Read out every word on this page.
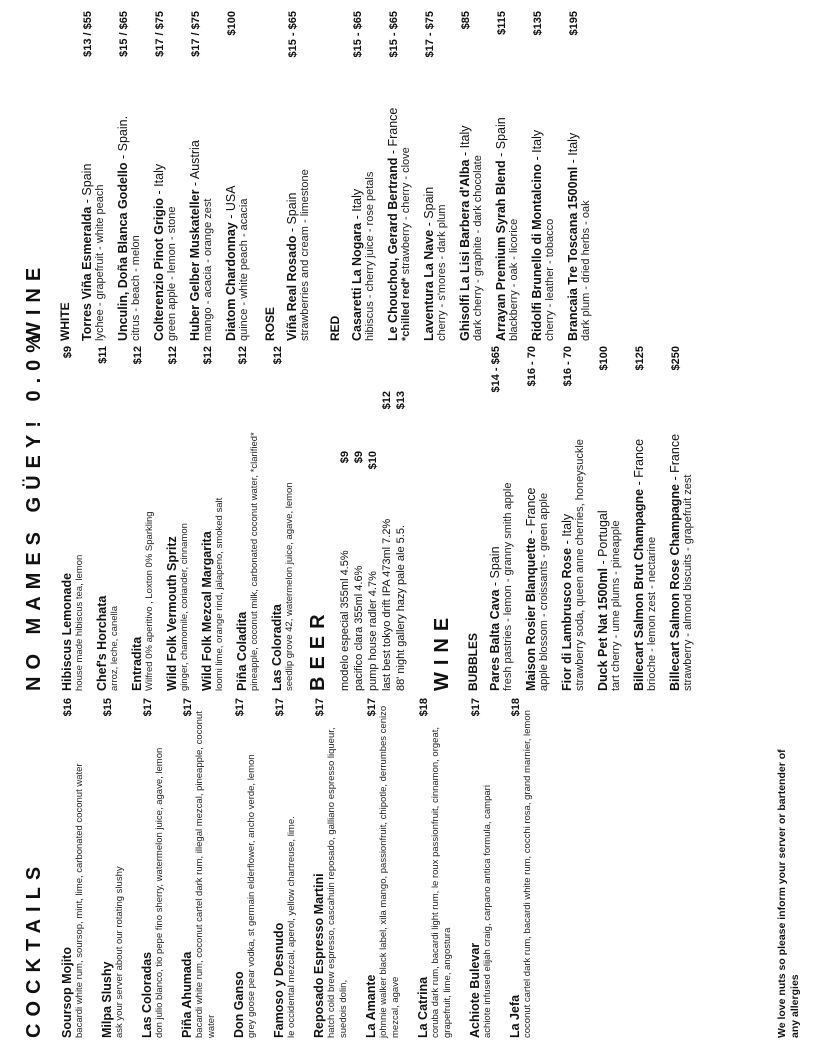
COCKTAILS Soursop Mojito
$16
bacardi white rum, soursop, mint, lime, carbonated coconut water Milpa Slushy
$15
ask your server about our rotating slushy Las Coloradas
$17
don julio blanco, tio pepe fino sherry, watermelon juice, agave, lemon Piña Ahumada
$17
bacardi white rum, coconut cartel dark rum, illegal mezcal, pineapple, coconut water Don Ganso
$17
grey goose pear vodka, st germain elderflower, ancho verde, lemon Famoso y Desnudo
$17
le occidental mezcal, aperol, yellow chartreuse, lime. Reposado Espresso Martini
$17
hatch cold brew espresso, cascahuin reposado, galliano espresso liqueur, suedois dolin, La Amante
$17 johnnie walker black label, xila mango, passionfruit, chipotle, derrumbes cenizo mezcal, agave La Catrina
$18
coruba dark rum, bacardi light rum, le roux passionfruit, cinnamon, orgeat, grapefruit, lime, angostura Achiote Bulevar
$17
achiote infused elijah craig, carpano antica formula, campari La Jefa
$18
coconut cartel dark rum, bacardi white rum, cocchi rosa, grand marnier, lemon	We love nuts so please inform your server or bartender of any allergies
NO MAMES GÜEY! 0.0% Hibiscus Lemonade
$9
house made hibiscus tea, lemon Chef's Horchata
$11
arroz, leche, canella Entradita
$12
Wilfred 0% aperitivo , Loxton 0% Sparkling Wild Folk Vermouth Spritz
$12
ginger, chamomile, coriander, cinnamon Wild Folk Mezcal Margarita
$12
loomi lime, orange rind, jalapeno, smoked salt Piña Coladita
$12
pineapple, coconut milk, carbonated coconut water, *clarified* Las Coloradita
$12
seedlip grove 42, watermelon juice, agave, lemon BEER modelo especial 355ml 4.5%
$9
pacifico clara 355ml 4.6%
$9
pump house radler 4.7%
$10
last best tokyo drift IPA 473ml 7.2%
$12
88' night gallery hazy pale ale 5.5.
$13
WINE BUBBLES Pares Balta Cava - Spain
$14 - $65
fresh pastries - lemon - granny smith apple Maison Rosier Blanquette - France
$16 - 70
apple blossom - croissants - green apple Fior di Lambrusco Rose - Italy
$16 - 70
strawberry soda, queen anne cherries, honeysuckle Duck Pet Nat 1500ml - Portugal
$100
tart cherry - ume plums - pineapple Billecart Salmon Brut Champagne - France
$125
brioche - lemon zest - nectarine Billecart Salmon Rose Champagne - France
$250
strawberry - almond biscuits - grapefruit zest
WINE WHITE Torres Viña Esmeralda - Spain
$13 / $55
lychee - grapefruit - white peach Unculin, Doña Blanca Godello - Spain.
$15 / $65
citrus - beach - melon Colterenzio Pinot Grigio - Italy
$17 / $75
green apple - lemon - stone Huber Gelber Muskateller - Austria
$17 / $75
mango - acacia - orange zest Diatom Chardonnay - USA
$100
quince - white peach - acacia ROSE Viña Real Rosado - Spain
$15 - $65
strawberries and cream - limestone RED Casaretti La Nogara - Italy
$15 - $65
hibiscus - cherry juice - rose petals Le Chouchou, Gerard Bertrand - France
$15 - $65
*chilled red* strawberry - cherry - clove
Laventura La Nave - Spain
$17 - $75
cherry - s'mores - dark plum Ghisolfi La Lisi Barbera d'Alba - Italy
$85
dark cherry - graphite - dark chocolate Arrayan Premium Syrah Blend - Spain
$115
blackberry - oak - licorice Ridolfi Brunello di Montalcino - Italy
$135
cherry - leather - tobacco Brancaia Tre Toscana 1500ml - Italy
$195
dark plum - dried herbs - oak
